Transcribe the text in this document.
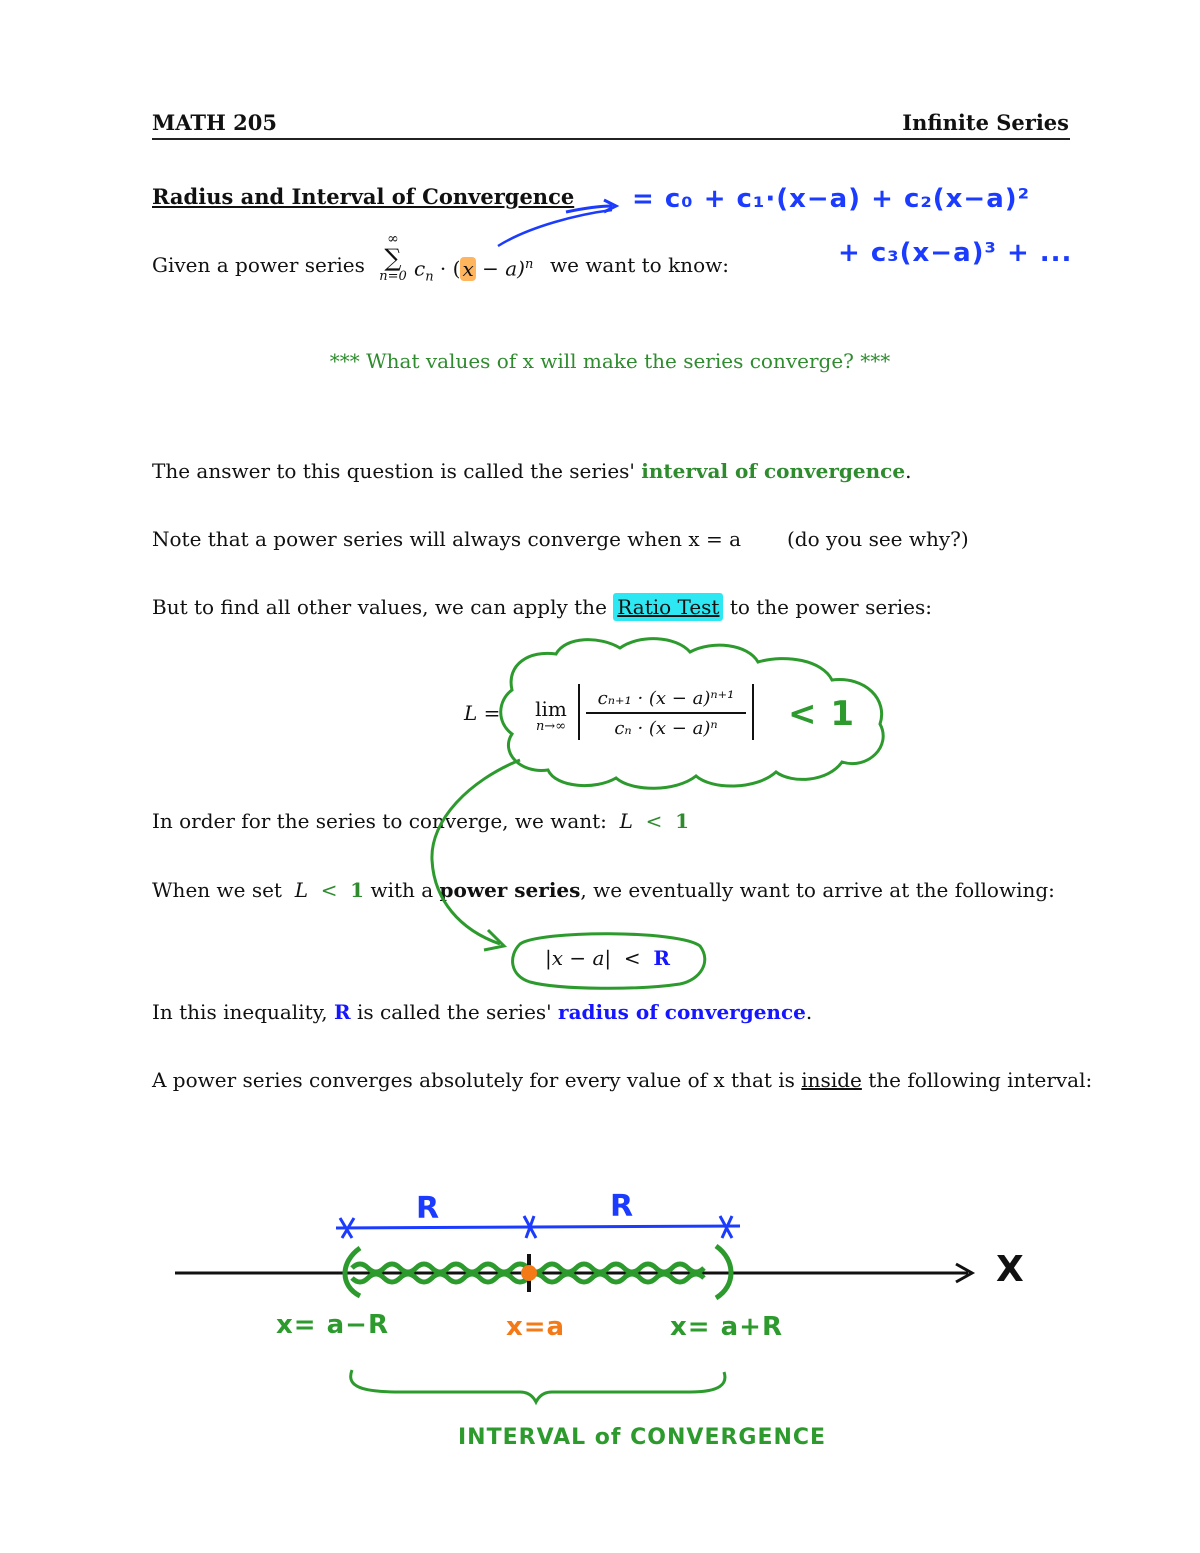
MATH 205	Infinite Series
Radius and Interval of Convergence
Given a power series
∞
∑
n=0 $c_n$ · ( x − a)$^n$ we want to know:
= c₀ + c₁·(x−a) + c₂(x−a)²
+ c₃(x−a)³ + ...
*** What values of x will make the series converge? ***
The answer to this question is called the series' interval of convergence.
Note that a power series will always converge when x = a (do you see why?)
But to find all other values, we can apply the Ratio Test to the power series:
L =	lim
n→∞
cₙ₊₁ · (x − a)ⁿ⁺¹
cₙ · (x − a)ⁿ	< 1
In order for the series to converge, we want: L < 1
When we set L < 1 with a power series, we eventually want to arrive at the following:
|x − a| < R
In this inequality, R is called the series' radius of convergence.
A power series converges absolutely for every value of x that is inside the following interval:
X
R	R
x= a−R	x=a	x= a+R
INTERVAL of CONVERGENCE
